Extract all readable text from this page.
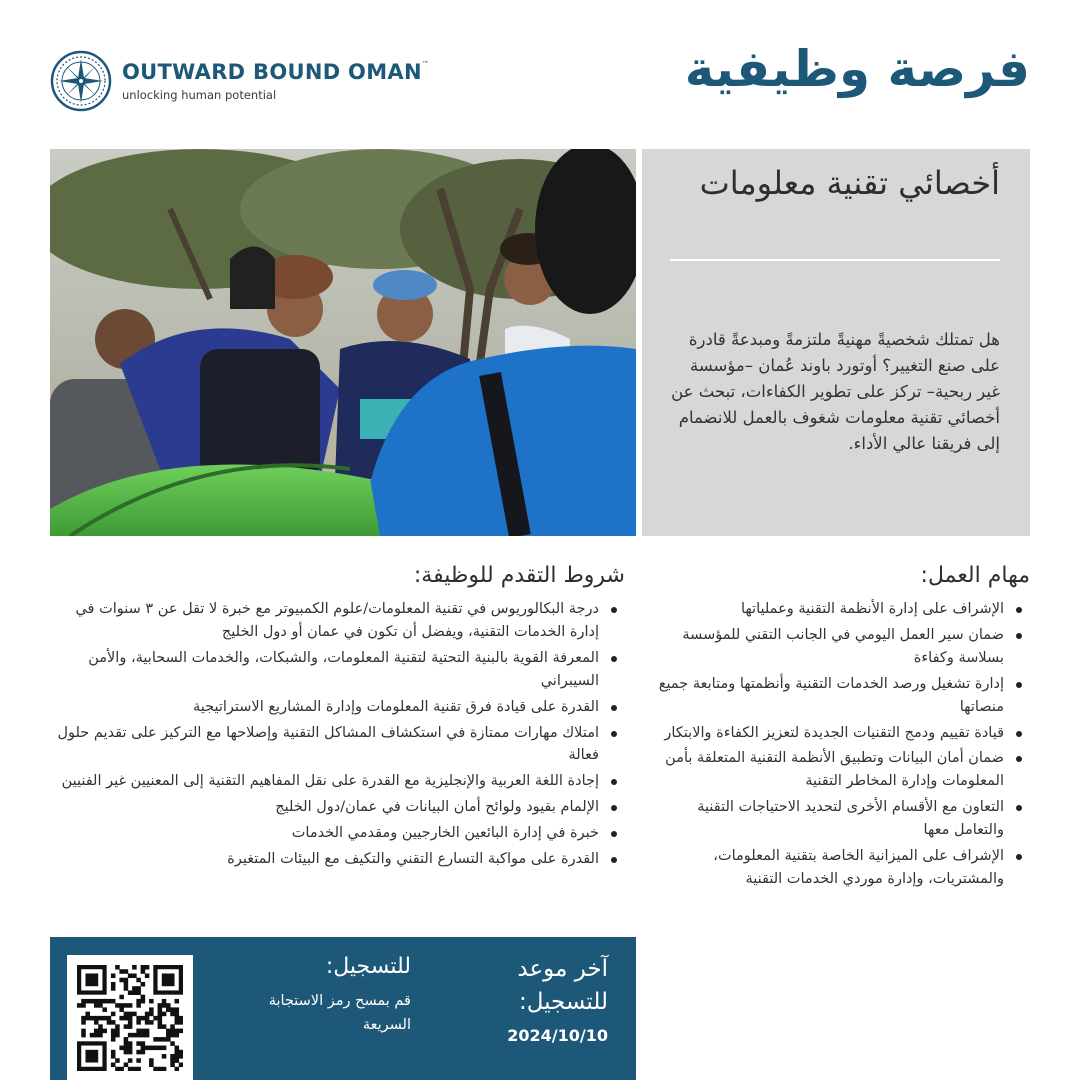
OUTWARD BOUND OMAN™
unlocking human potential	فرصة وظيفية
أخصائي تقنية معلومات

هل تمتلك شخصيةً مهنيةً ملتزمةً ومبدعةً قادرة على صنع التغيير؟ أوتورد باوند عُمان –مؤسسة غير ربحية– تركز على تطوير الكفاءات، تبحث عن أخصائي تقنية معلومات شغوف بالعمل للانضمام إلى فريقنا عالي الأداء.

مهام العمل:
الإشراف على إدارة الأنظمة التقنية وعملياتها
ضمان سير العمل اليومي في الجانب التقني للمؤسسة بسلاسة وكفاءة
إدارة تشغيل ورصد الخدمات التقنية وأنظمتها ومتابعة جميع منصاتها
قيادة تقييم ودمج التقنيات الجديدة لتعزيز الكفاءة والابتكار
ضمان أمان البيانات وتطبيق الأنظمة التقنية المتعلقة بأمن المعلومات وإدارة المخاطر التقنية
التعاون مع الأقسام الأخرى لتحديد الاحتياجات التقنية والتعامل معها
الإشراف على الميزانية الخاصة بتقنية المعلومات، والمشتريات، وإدارة موردي الخدمات التقنية
شروط التقدم للوظيفة:
درجة البكالوريوس في تقنية المعلومات/علوم الكمبيوتر مع خبرة لا تقل عن ٣ سنوات في إدارة الخدمات التقنية، ويفضل أن تكون في عمان أو دول الخليج
المعرفة القوية بالبنية التحتية لتقنية المعلومات، والشبكات، والخدمات السحابية، والأمن السيبراني
القدرة على قيادة فرق تقنية المعلومات وإدارة المشاريع الاستراتيجية
امتلاك مهارات ممتازة في استكشاف المشاكل التقنية وإصلاحها مع التركيز على تقديم حلول فعالة
إجادة اللغة العربية والإنجليزية مع القدرة على نقل المفاهيم التقنية إلى المعنيين غير الفنيين
الإلمام بقيود ولوائح أمان البيانات في عمان/دول الخليج
خبرة في إدارة البائعين الخارجيين ومقدمي الخدمات
القدرة على مواكبة التسارع التقني والتكيف مع البيئات المتغيرة
للتسجيل:
قم بمسح رمز الاستجابة السريعة
آخر موعد للتسجيل:
2024/10/10
